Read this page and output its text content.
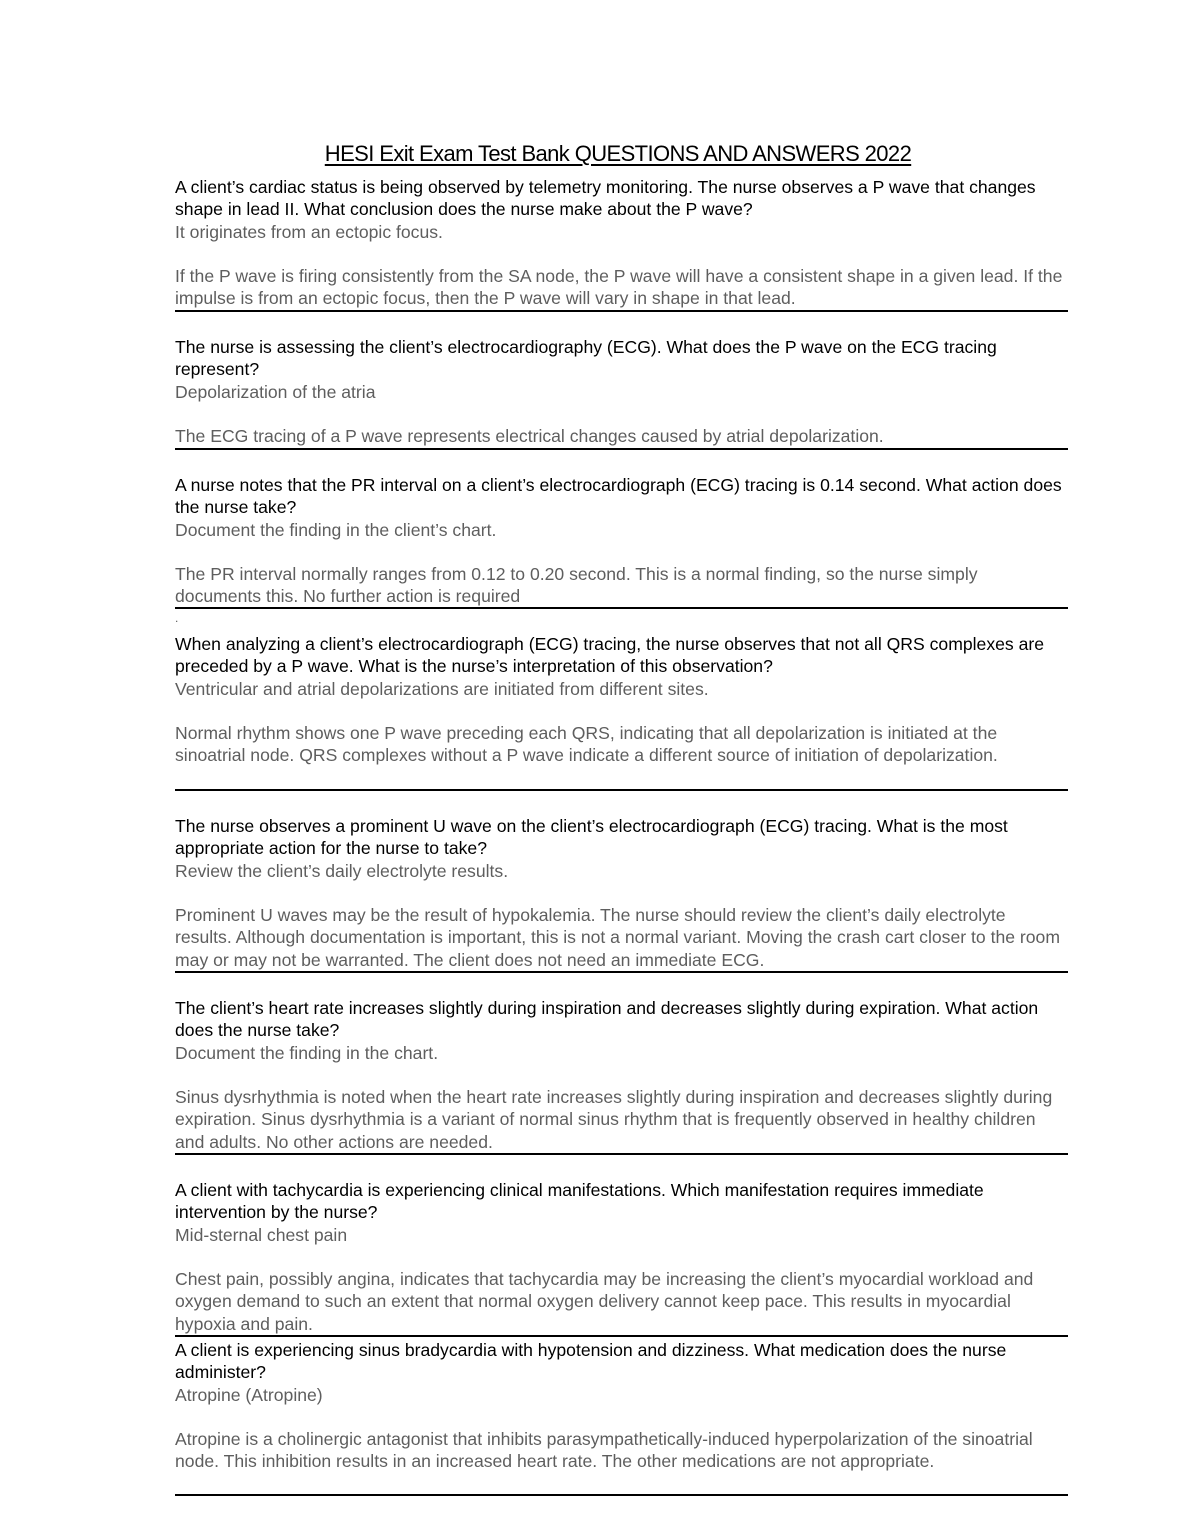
HESI Exit Exam Test Bank QUESTIONS AND ANSWERS 2022

A client’s cardiac status is being observed by telemetry monitoring. The nurse observes a P wave that changes shape in lead II. What conclusion does the nurse make about the P wave?

It originates from an ectopic focus.

If the P wave is firing consistently from the SA node, the P wave will have a consistent shape in a given lead. If the impulse is from an ectopic focus, then the P wave will vary in shape in that lead.

The nurse is assessing the client’s electrocardiography (ECG). What does the P wave on the ECG tracing represent?

Depolarization of the atria

The ECG tracing of a P wave represents electrical changes caused by atrial depolarization.

A nurse notes that the PR interval on a client’s electrocardiograph (ECG) tracing is 0.14 second. What action does the nurse take?

Document the finding in the client’s chart.

The PR interval normally ranges from 0.12 to 0.20 second. This is a normal finding, so the nurse simply documents this. No further action is required

.

When analyzing a client’s electrocardiograph (ECG) tracing, the nurse observes that not all QRS complexes are preceded by a P wave. What is the nurse’s interpretation of this observation?

Ventricular and atrial depolarizations are initiated from different sites.

Normal rhythm shows one P wave preceding each QRS, indicating that all depolarization is initiated at the sinoatrial node. QRS complexes without a P wave indicate a different source of initiation of depolarization.

The nurse observes a prominent U wave on the client’s electrocardiograph (ECG) tracing. What is the most appropriate action for the nurse to take?

Review the client’s daily electrolyte results.

Prominent U waves may be the result of hypokalemia. The nurse should review the client’s daily electrolyte results. Although documentation is important, this is not a normal variant. Moving the crash cart closer to the room may or may not be warranted. The client does not need an immediate ECG.

The client’s heart rate increases slightly during inspiration and decreases slightly during expiration. What action does the nurse take?

Document the finding in the chart.

Sinus dysrhythmia is noted when the heart rate increases slightly during inspiration and decreases slightly during expiration. Sinus dysrhythmia is a variant of normal sinus rhythm that is frequently observed in healthy children and adults. No other actions are needed.

A client with tachycardia is experiencing clinical manifestations. Which manifestation requires immediate intervention by the nurse?

Mid-sternal chest pain

Chest pain, possibly angina, indicates that tachycardia may be increasing the client’s myocardial workload and oxygen demand to such an extent that normal oxygen delivery cannot keep pace. This results in myocardial hypoxia and pain.

A client is experiencing sinus bradycardia with hypotension and dizziness. What medication does the nurse administer?

Atropine (Atropine)

Atropine is a cholinergic antagonist that inhibits parasympathetically-induced hyperpolarization of the sinoatrial node. This inhibition results in an increased heart rate. The other medications are not appropriate.
